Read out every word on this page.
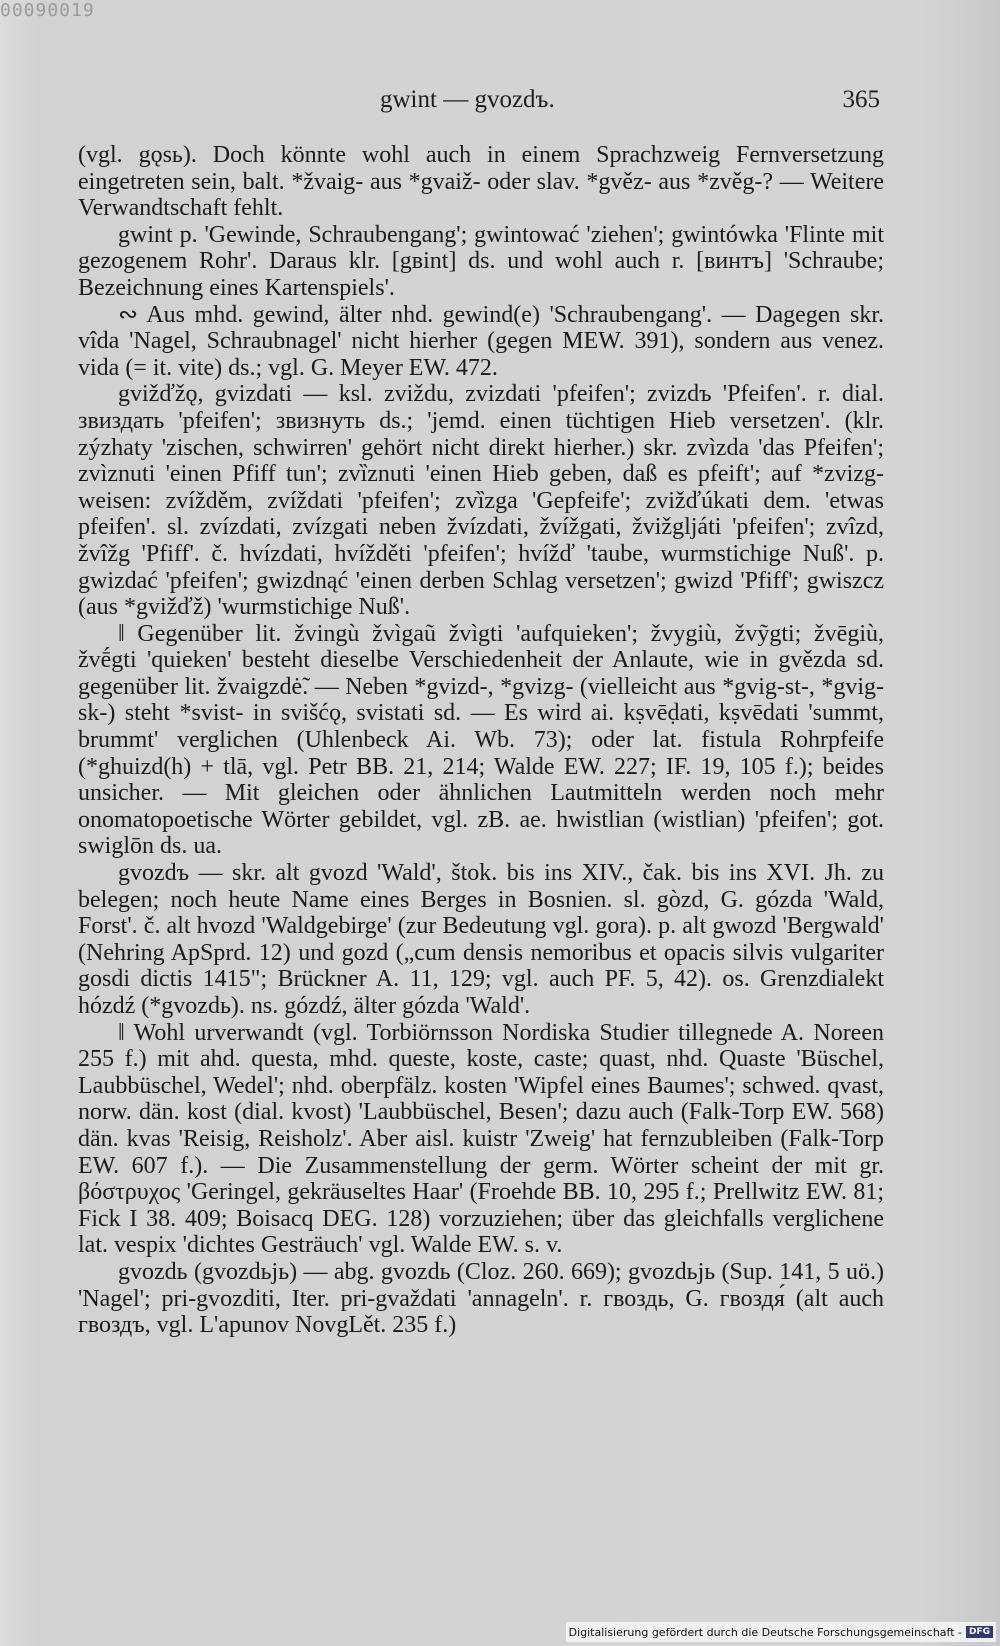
00090019
gwint — gvozdъ.	365

(vgl. gǫsь). Doch könnte wohl auch in einem Sprachzweig Fernversetzung eingetreten sein, balt. *žvaig- aus *gvaiž- oder slav. *gvěz- aus *zvěg-? — Weitere Verwandtschaft fehlt.

gwint p. 'Gewinde, Schraubengang'; gwintować 'ziehen'; gwintówka 'Flinte mit gezogenem Rohr'. Daraus klr. [gвint] ds. und wohl auch r. [винтъ] 'Schraube; Bezeichnung eines Kartenspiels'.

∾ Aus mhd. gewind, älter nhd. gewind(e) 'Schraubengang'. — Dagegen skr. vîda 'Nagel, Schraubnagel' nicht hierher (gegen MEW. 391), sondern aus venez. vida (= it. vite) ds.; vgl. G. Meyer EW. 472.

gvižďžǫ, gvizdati — ksl. zviždu, zvizdati 'pfeifen'; zvizdъ 'Pfeifen'. r. dial. звиздать 'pfeifen'; звизнуть ds.; 'jemd. einen tüchtigen Hieb versetzen'. (klr. zýzhaty 'zischen, schwirren' gehört nicht direkt hierher.) skr. zvìzda 'das Pfeifen'; zvìznuti 'einen Pfiff tun'; zvȉznuti 'einen Hieb geben, daß es pfeift'; auf *zvizg-weisen: zvížděm, zvíždati 'pfeifen'; zvȉzga 'Gepfeife'; zvižďúkati dem. 'etwas pfeifen'. sl. zvízdati, zvízgati neben žvízdati, žvížgati, žvižgljáti 'pfeifen'; zvîzd, žvîžg 'Pfiff'. č. hvízdati, hvížděti 'pfeifen'; hvížď 'taube, wurmstichige Nuß'. p. gwizdać 'pfeifen'; gwizdnąć 'einen derben Schlag versetzen'; gwizd 'Pfiff'; gwiszcz (aus *gvižďž) 'wurmstichige Nuß'.

‖ Gegenüber lit. žvingù žvìgaũ žvìgti 'aufquieken'; žvygiù, žvỹgti; žvēgiù, žvḗgti 'quieken' besteht dieselbe Verschiedenheit der Anlaute, wie in gvězda sd. gegenüber lit. žvaigzdė̃. — Neben *gvizd-, *gvizg- (vielleicht aus *gvig-st-, *gvig-sk-) steht *svist- in svišćǫ, svistati sd. — Es wird ai. kṣvēḍati, kṣvēdati 'summt, brummt' verglichen (Uhlenbeck Ai. Wb. 73); oder lat. fistula Rohrpfeife (*ghuizd(h) + tlā, vgl. Petr BB. 21, 214; Walde EW. 227; IF. 19, 105 f.); beides unsicher. — Mit gleichen oder ähnlichen Lautmitteln werden noch mehr onomatopoetische Wörter gebildet, vgl. zB. ae. hwistlian (wistlian) 'pfeifen'; got. swiglōn ds. ua.

gvozdъ — skr. alt gvozd 'Wald', štok. bis ins XIV., čak. bis ins XVI. Jh. zu belegen; noch heute Name eines Berges in Bosnien. sl. gòzd, G. gózda 'Wald, Forst'. č. alt hvozd 'Waldgebirge' (zur Bedeutung vgl. gora). p. alt gwozd 'Bergwald' (Nehring ApSprd. 12) und gozd („cum densis nemoribus et opacis silvis vulgariter gosdi dictis 1415"; Brückner A. 11, 129; vgl. auch PF. 5, 42). os. Grenzdialekt hózdź (*gvozdь). ns. gózdź, älter gózda 'Wald'.

‖ Wohl urverwandt (vgl. Torbiörnsson Nordiska Studier tillegnede A. Noreen 255 f.) mit ahd. questa, mhd. queste, koste, caste; quast, nhd. Quaste 'Büschel, Laubbüschel, Wedel'; nhd. oberpfälz. kosten 'Wipfel eines Baumes'; schwed. qvast, norw. dän. kost (dial. kvost) 'Laubbüschel, Besen'; dazu auch (Falk-Torp EW. 568) dän. kvas 'Reisig, Reisholz'. Aber aisl. kuistr 'Zweig' hat fernzubleiben (Falk-Torp EW. 607 f.). — Die Zusammenstellung der germ. Wörter scheint der mit gr. βόστρυχος 'Geringel, gekräuseltes Haar' (Froehde BB. 10, 295 f.; Prellwitz EW. 81; Fick I 38. 409; Boisacq DEG. 128) vorzuziehen; über das gleichfalls verglichene lat. vespix 'dichtes Gesträuch' vgl. Walde EW. s. v.

gvozdь (gvozdьjь) — abg. gvozdь (Cloz. 260. 669); gvozdьjь (Sup. 141, 5 uö.) 'Nagel'; pri-gvozditi, Iter. pri-gvaždati 'annageln'. r. гвоздь, G. гвоздя́ (alt auch гвоздъ, vgl. L'apunov NovgLět. 235 f.)

Digitalisierung gefördert durch die Deutsche Forschungsgemeinschaft - DFG
